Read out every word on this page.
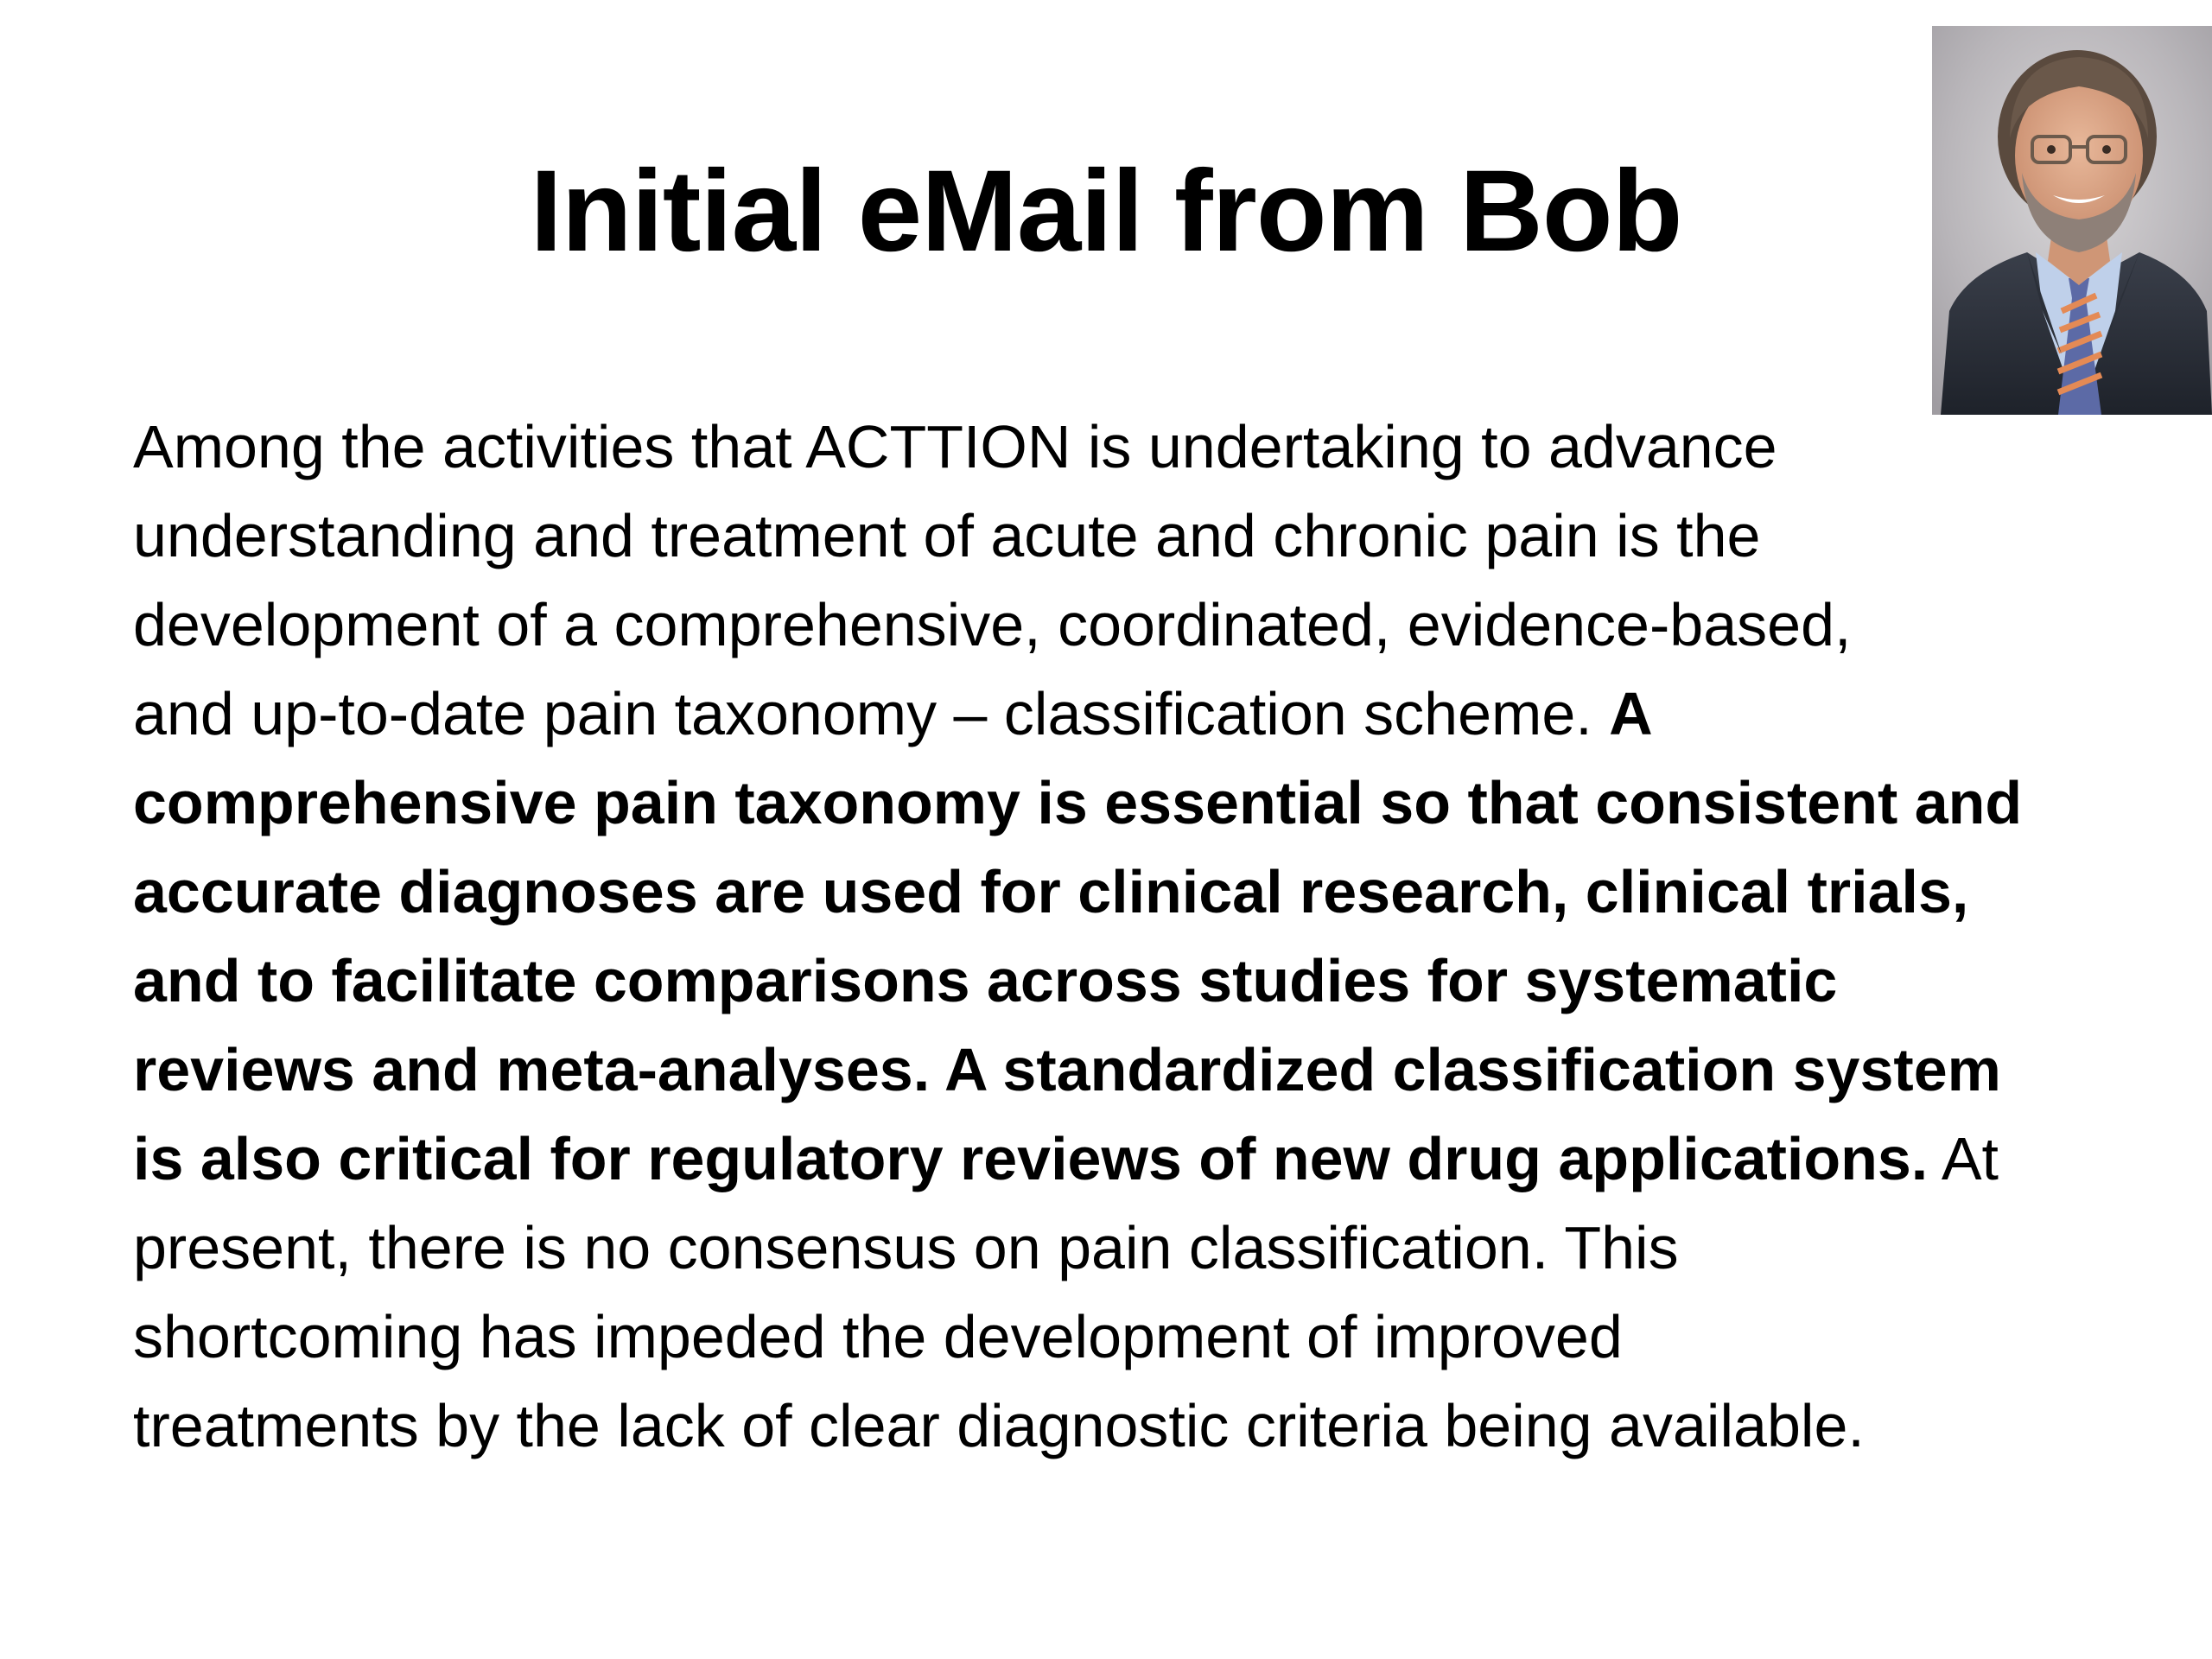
Initial eMail from Bob
Among the activities that ACTTION is undertaking to advance
understanding and treatment of acute and chronic pain is the
development of a comprehensive, coordinated, evidence-based,
and up-to-date pain taxonomy – classification scheme. A
comprehensive pain taxonomy is essential so that consistent and
accurate diagnoses are used for clinical research, clinical trials,
and to facilitate comparisons across studies for systematic
reviews and meta-analyses. A standardized classification system
is also critical for regulatory reviews of new drug applications. At
present, there is no consensus on pain classification. This
shortcoming has impeded the development of improved
treatments by the lack of clear diagnostic criteria being available.
